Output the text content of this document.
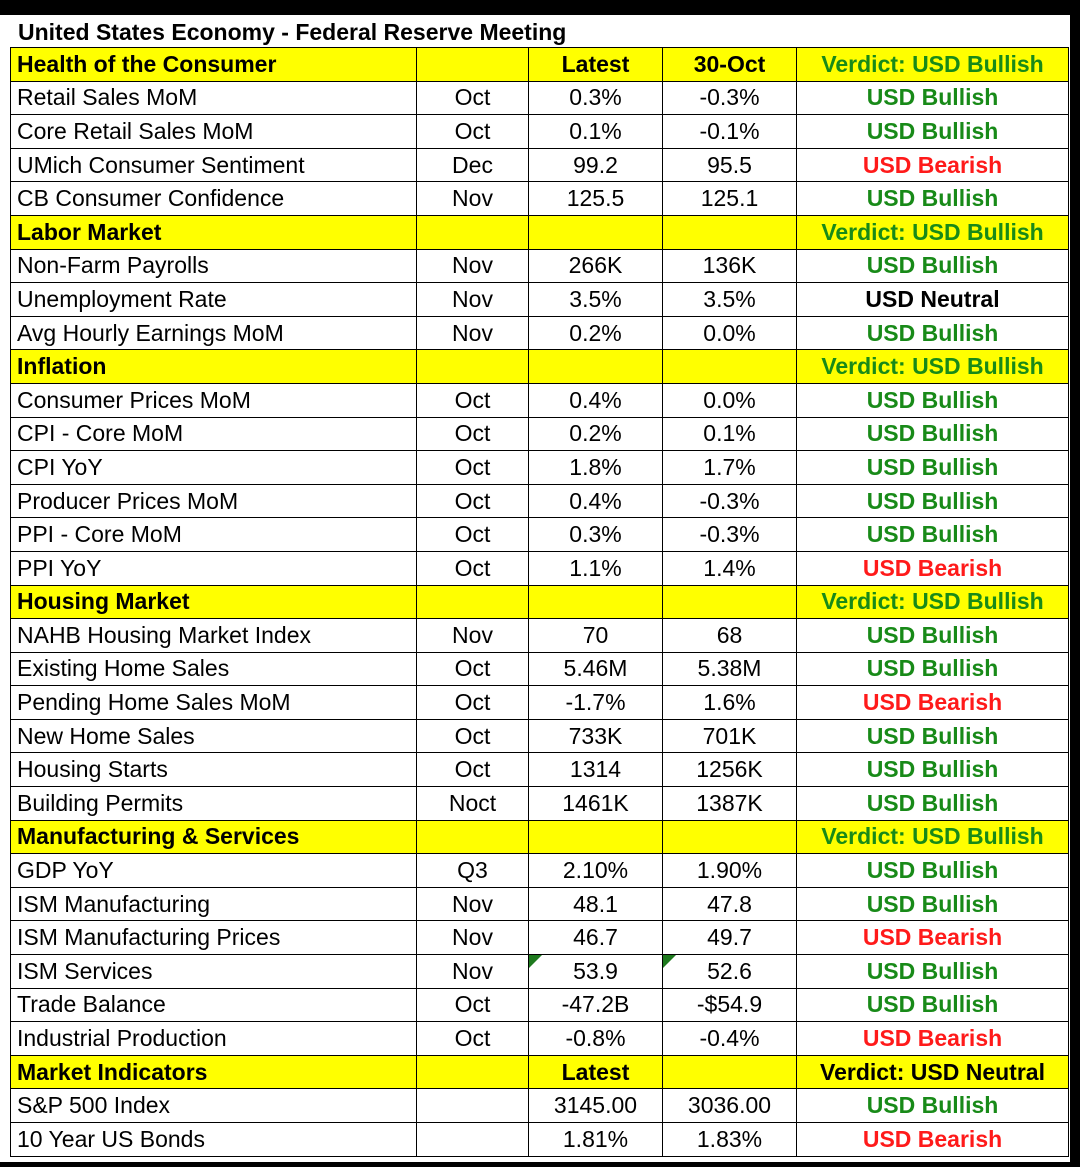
United States Economy - Federal Reserve Meeting
Health of the Consumer		Latest	30-Oct	Verdict: USD Bullish
Retail Sales MoM	Oct	0.3%	-0.3%	USD Bullish
Core Retail Sales MoM	Oct	0.1%	-0.1%	USD Bullish
UMich Consumer Sentiment	Dec	99.2	95.5	USD Bearish
CB Consumer Confidence	Nov	125.5	125.1	USD Bullish
Labor Market				Verdict: USD Bullish
Non-Farm Payrolls	Nov	266K	136K	USD Bullish
Unemployment Rate	Nov	3.5%	3.5%	USD Neutral
Avg Hourly Earnings MoM	Nov	0.2%	0.0%	USD Bullish
Inflation				Verdict: USD Bullish
Consumer Prices MoM	Oct	0.4%	0.0%	USD Bullish
CPI - Core MoM	Oct	0.2%	0.1%	USD Bullish
CPI YoY	Oct	1.8%	1.7%	USD Bullish
Producer Prices MoM	Oct	0.4%	-0.3%	USD Bullish
PPI - Core MoM	Oct	0.3%	-0.3%	USD Bullish
PPI YoY	Oct	1.1%	1.4%	USD Bearish
Housing Market				Verdict: USD Bullish
NAHB Housing Market Index	Nov	70	68	USD Bullish
Existing Home Sales	Oct	5.46M	5.38M	USD Bullish
Pending Home Sales MoM	Oct	-1.7%	1.6%	USD Bearish
New Home Sales	Oct	733K	701K	USD Bullish
Housing Starts	Oct	1314	1256K	USD Bullish
Building Permits	Noct	1461K	1387K	USD Bullish
Manufacturing & Services				Verdict: USD Bullish
GDP YoY	Q3	2.10%	1.90%	USD Bullish
ISM Manufacturing	Nov	48.1	47.8	USD Bullish
ISM Manufacturing Prices	Nov	46.7	49.7	USD Bearish
ISM Services	Nov	53.9	52.6	USD Bullish
Trade Balance	Oct	-47.2B	-$54.9	USD Bullish
Industrial Production	Oct	-0.8%	-0.4%	USD Bearish
Market Indicators		Latest		Verdict: USD Neutral
S&P 500 Index		3145.00	3036.00	USD Bullish
10 Year US Bonds		1.81%	1.83%	USD Bearish
